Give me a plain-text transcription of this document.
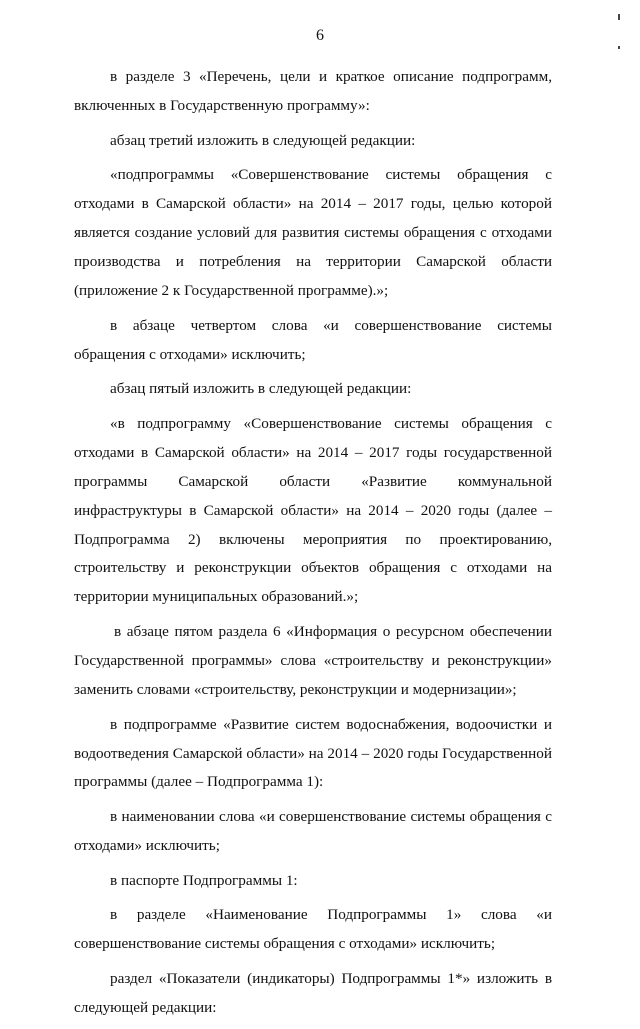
6

в разделе 3 «Перечень, цели и краткое описание подпрограмм, включенных в Государственную программу»:

абзац третий изложить в следующей редакции:

«подпрограммы «Совершенствование системы обращения с отходами в Самарской области» на 2014 – 2017 годы, целью которой является создание условий для развития системы обращения с отходами производства и потребления на территории Самарской области (приложение 2 к Государственной программе).»;

в абзаце четвертом слова «и совершенствование системы обращения с отходами» исключить;

абзац пятый изложить в следующей редакции:

«в подпрограмму «Совершенствование системы обращения с отходами в Самарской области» на 2014 – 2017 годы государственной программы Самарской области «Развитие коммунальной инфраструктуры в Самарской области» на 2014 – 2020 годы (далее – Подпрограмма 2) включены мероприятия по проектированию, строительству и реконструкции объектов обращения с отходами на территории муниципальных образований.»;

в абзаце пятом раздела 6 «Информация о ресурсном обеспечении Государственной программы» слова «строительству и реконструкции» заменить словами «строительству, реконструкции и модернизации»;

в подпрограмме «Развитие систем водоснабжения, водоочистки и водоотведения Самарской области» на 2014 – 2020 годы Государственной программы (далее – Подпрограмма 1):

в наименовании слова «и совершенствование системы обращения с отходами» исключить;

в паспорте Подпрограммы 1:

в разделе «Наименование Подпрограммы 1» слова «и совершенствование системы обращения с отходами» исключить;

раздел «Показатели (индикаторы) Подпрограммы 1*» изложить в следующей редакции:
